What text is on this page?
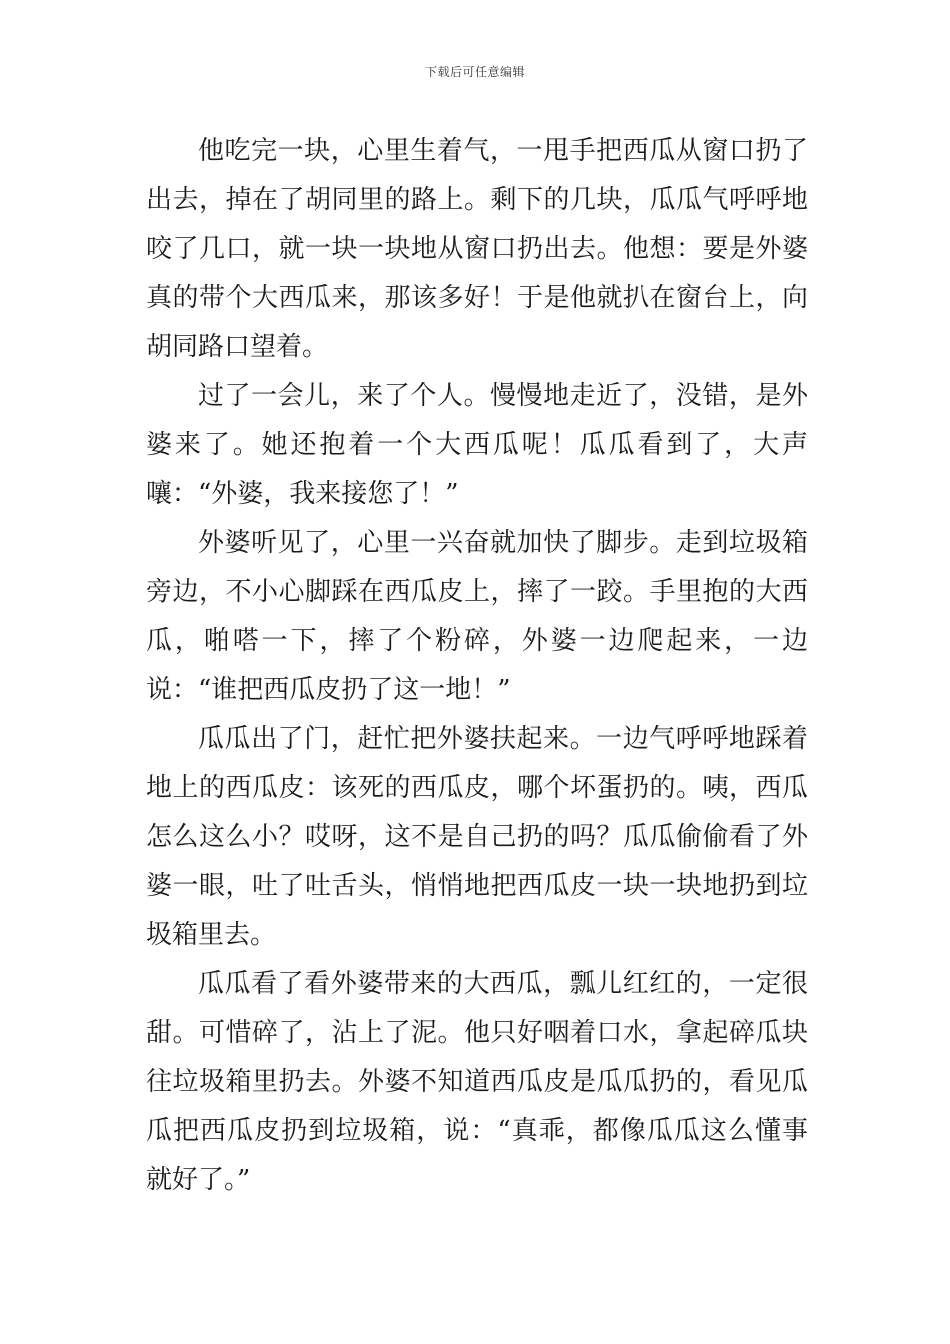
下载后可任意编辑

他吃完一块，心里生着气，一甩手把西瓜从窗口扔了出去，掉在了胡同里的路上。剩下的几块，瓜瓜气呼呼地咬了几口，就一块一块地从窗口扔出去。他想：要是外婆真的带个大西瓜来，那该多好！于是他就扒在窗台上，向胡同路口望着。

过了一会儿，来了个人。慢慢地走近了，没错，是外婆来了。她还抱着一个大西瓜呢！瓜瓜看到了，大声嚷：“外婆，我来接您了！”

外婆听见了，心里一兴奋就加快了脚步。走到垃圾箱旁边，不小心脚踩在西瓜皮上，摔了一跤。手里抱的大西瓜，啪嗒一下，摔了个粉碎，外婆一边爬起来，一边说：“谁把西瓜皮扔了这一地！”

瓜瓜出了门，赶忙把外婆扶起来。一边气呼呼地踩着地上的西瓜皮：该死的西瓜皮，哪个坏蛋扔的。咦，西瓜怎么这么小？哎呀，这不是自己扔的吗？瓜瓜偷偷看了外婆一眼，吐了吐舌头，悄悄地把西瓜皮一块一块地扔到垃圾箱里去。

瓜瓜看了看外婆带来的大西瓜，瓢儿红红的，一定很甜。可惜碎了，沾上了泥。他只好咽着口水，拿起碎瓜块往垃圾箱里扔去。外婆不知道西瓜皮是瓜瓜扔的，看见瓜瓜把西瓜皮扔到垃圾箱，说：“真乖，都像瓜瓜这么懂事就好了。”
